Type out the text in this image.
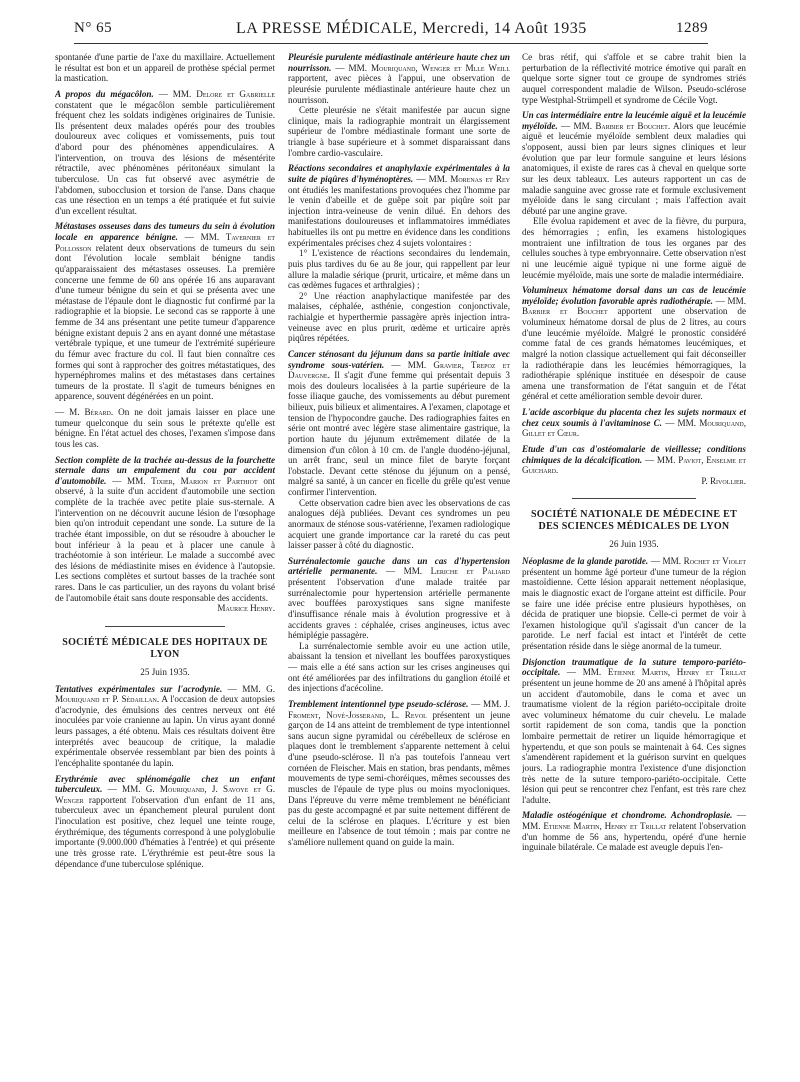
N° 65	LA PRESSE MÉDICALE, Mercredi, 14 Août 1935	1289

spontanée d'une partie de l'axe du maxillaire. Actuellement le résultat est bon et un appareil de prothèse spécial permet la mastication.

A propos du mégacôlon. — MM. Delore et Gabrielle constatent que le mégacôlon semble particulièrement fréquent chez les soldats indigènes originaires de Tunisie. Ils présentent deux malades opérés pour des troubles douloureux avec coliques et vomissements, puis tout d'abord pour des phénomènes appendiculaires. A l'intervention, on trouva des lésions de mésentérite rétractile, avec phénomènes péritonéaux simulant la tuberculose. Un cas fut observé avec asymétrie de l'abdomen, subocclusion et torsion de l'anse. Dans chaque cas une résection en un temps a été pratiquée et fut suivie d'un excellent résultat.

Métastases osseuses dans des tumeurs du sein à évolution locale en apparence bénigne. — MM. Tavernier et Pollosson relatent deux observations de tumeurs du sein dont l'évolution locale semblait bénigne tandis qu'apparaissaient des métastases osseuses. La première concerne une femme de 60 ans opérée 16 ans auparavant d'une tumeur bénigne du sein et qui se présenta avec une métastase de l'épaule dont le diagnostic fut confirmé par la radiographie et la biopsie. Le second cas se rapporte à une femme de 34 ans présentant une petite tumeur d'apparence bénigne existant depuis 2 ans en ayant donné une métastase vertébrale typique, et une tumeur de l'extrémité supérieure du fémur avec fracture du col. Il faut bien connaître ces formes qui sont à rapprocher des goitres métastatiques, des hypernéphromes malins et des métastases dans certaines tumeurs de la prostate. Il s'agit de tumeurs bénignes en apparence, souvent dégénérées en un point.

— M. Bérard. On ne doit jamais laisser en place une tumeur quelconque du sein sous le prétexte qu'elle est bénigne. En l'état actuel des choses, l'examen s'impose dans tous les cas.

Section complète de la trachée au-dessus de la fourchette sternale dans un empalement du cou par accident d'automobile. — MM. Tixier, Marion et Parthiot ont observé, à la suite d'un accident d'automobile une section complète de la trachée avec petite plaie sus-sternale. A l'intervention on ne découvrit aucune lésion de l'œsophage bien qu'on introduit cependant une sonde. La suture de la trachée étant impossible, on dut se résoudre à aboucher le bout inférieur à la peau et à placer une canule à trachéotomie à son intérieur. Le malade a succombé avec des lésions de médiastinite mises en évidence à l'autopsie. Les sections complètes et surtout basses de la trachée sont rares. Dans le cas particulier, un des rayons du volant brisé de l'automobile était sans doute responsable des accidents.

Maurice Henry.

SOCIÉTÉ MÉDICALE DES HOPITAUX DE LYON
25 Juin 1935.

Tentatives expérimentales sur l'acrodynie. — MM. G. Mouriquand et P. Sédaillan. A l'occasion de deux autopsies d'acrodynie, des émulsions des centres nerveux ont été inoculées par voie cranienne au lapin. Un virus ayant donné leurs passages, a été obtenu. Mais ces résultats doivent être interprétés avec beaucoup de critique, la maladie expérimentale observée ressemblant par bien des points à l'encéphalite spontanée du lapin.

Erythrémie avec splénomégalie chez un enfant tuberculeux. — MM. G. Mouriquand, J. Savoye et G. Wenger rapportent l'observation d'un enfant de 11 ans, tuberculeux avec un épanchement pleural purulent dont l'inoculation est positive, chez lequel une teinte rouge, érythrémique, des téguments correspond à une polyglobulie importante (9.000.000 d'hématies à l'entrée) et qui présente une très grosse rate. L'érythrémie est peut-être sous la dépendance d'une tuberculose splénique.

Pleurésie purulente médiastinale antérieure haute chez un nourrisson. — MM. Mouriquand, Wenger et Mlle Weill rapportent, avec pièces à l'appui, une observation de pleurésie purulente médiastinale antérieure haute chez un nourrisson.

Cette pleurésie ne s'était manifestée par aucun signe clinique, mais la radiographie montrait un élargissement supérieur de l'ombre médiastinale formant une sorte de triangle à base supérieure et à sommet disparaissant dans l'ombre cardio-vasculaire.

Réactions secondaires et anaphylaxie expérimentales à la suite de piqûres d'hyménoptères. — MM. Morenas et Rey ont étudiés les manifestations provoquées chez l'homme par le venin d'abeille et de guêpe soit par piqûre soit par injection intra-veineuse de venin dilué. En dehors des manifestations douloureuses et inflammatoires immédiates habituelles ils ont pu mettre en évidence dans les conditions expérimentales précises chez 4 sujets volontaires :

1° L'existence de réactions secondaires du lendemain, puis plus tardives du 6e au 8e jour, qui rappellent par leur allure la maladie sérique (prurit, urticaire, et même dans un cas œdèmes fugaces et arthralgies) ;

2° Une réaction anaphylactique manifestée par des malaises, céphalée, asthénie, congestion conjonctivale, rachialgie et hyperthermie passagère après injection intra-veineuse avec en plus prurit, œdème et urticaire après piqûres répétées.

Cancer sténosant du jéjunum dans sa partie initiale avec syndrome sous-vatérien. — MM. Gravier, Trepoz et Dauvergne. Il s'agit d'une femme qui présentait depuis 3 mois des douleurs localisées à la partie supérieure de la fosse iliaque gauche, des vomissements au début purement bilieux, puis bilieux et alimentaires. A l'examen, clapotage et tension de l'hypocondre gauche. Des radiographies faites en série ont montré avec légère stase alimentaire gastrique, la portion haute du jéjunum extrêmement dilatée de la dimension d'un côlon à 10 cm. de l'angle duodéno-jéjunal, un arrêt franc, seul un mince filet de baryte forçant l'obstacle. Devant cette sténose du jéjunum on a pensé, malgré sa santé, à un cancer en ficelle du grêle qu'est venue confirmer l'intervention.

Cette observation cadre bien avec les observations de cas analogues déjà publiées. Devant ces syndromes un peu anormaux de sténose sous-vatérienne, l'examen radiologique acquiert une grande importance car la rareté du cas peut laisser passer à côté du diagnostic.

Surrénalectomie gauche dans un cas d'hypertension artérielle permanente. — MM. Leriche et Paliard présentent l'observation d'une malade traitée par surrénalectomie pour hypertension artérielle permanente avec bouffées paroxystiques sans signe manifeste d'insuffisance rénale mais à évolution progressive et à accidents graves : céphalée, crises angineuses, ictus avec hémiplégie passagère.

La surrénalectomie semble avoir eu une action utile, abaissant la tension et nivellant les bouffées paroxystiques — mais elle a été sans action sur les crises angineuses qui ont été améliorées par des infiltrations du ganglion étoilé et des injections d'acécoline.

Tremblement intentionnel type pseudo-sclérose. — MM. J. Froment, Nové-Josserand, L. Revol présentent un jeune garçon de 14 ans atteint de tremblement de type intentionnel sans aucun signe pyramidal ou cérébelleux de sclérose en plaques dont le tremblement s'apparente nettement à celui d'une pseudo-sclérose. Il n'a pas toutefois l'anneau vert cornéen de Fleischer. Mais en station, bras pendants, mêmes mouvements de type semi-choréiques, mêmes secousses des muscles de l'épaule de type plus ou moins myocloniques. Dans l'épreuve du verre même tremblement ne bénéficiant pas du geste accompagné et par suite nettement différent de celui de la sclérose en plaques. L'écriture y est bien meilleure en l'absence de tout témoin ; mais par contre ne s'améliore nullement quand on guide la main.

Ce bras rétif, qui s'affole et se cabre trahit bien la perturbation de la réflectivité motrice émotive qui paraît en quelque sorte signer tout ce groupe de syndromes striés auquel correspondent maladie de Wilson. Pseudo-sclérose type Westphal-Strümpell et syndrome de Cécile Vogt.

Un cas intermédiaire entre la leucémie aiguë et la leucémie myéloïde. — MM. Barbier et Bouchet. Alors que leucémie aiguë et leucémie myéloïde semblent deux maladies qui s'opposent, aussi bien par leurs signes cliniques et leur évolution que par leur formule sanguine et leurs lésions anatomiques, il existe de rares cas à cheval en quelque sorte sur les deux tableaux. Les auteurs rapportent un cas de maladie sanguine avec grosse rate et formule exclusivement myéloïde dans le sang circulant ; mais l'affection avait débuté par une angine grave.

Elle évolua rapidement et avec de la fièvre, du purpura, des hémorragies ; enfin, les examens histologiques montraient une infiltration de tous les organes par des cellules souches à type embryonnaire. Cette observation n'est ni une leucémie aiguë typique ni une forme aiguë de leucémie myéloïde, mais une sorte de maladie intermédiaire.

Volumineux hématome dorsal dans un cas de leucémie myéloïde; évolution favorable après radiothérapie. — MM. Barbier et Bouchet apportent une observation de volumineux hématome dorsal de plus de 2 litres, au cours d'une leucémie myéloïde. Malgré le pronostic considéré comme fatal de ces grands hématomes leucémiques, et malgré la notion classique actuellement qui fait déconseiller la radiothérapie dans les leucémies hémorragiques, la radiothérapie splénique instituée en désespoir de cause amena une transformation de l'état sanguin et de l'état général et cette amélioration semble devoir durer.

L'acide ascorbique du placenta chez les sujets normaux et chez ceux soumis à l'avitaminose C. — MM. Mouriquand, Gillet et Cœur.

Etude d'un cas d'ostéomalarie de vieillesse; conditions chimiques de la décalcification. — MM. Paviot, Enselme et Guichard.

P. Rivollier.

SOCIÉTÉ NATIONALE DE MÉDECINE ET DES SCIENCES MÉDICALES DE LYON
26 Juin 1935.

Néoplasme de la glande parotide. — MM. Rochet et Violet présentent un homme âgé porteur d'une tumeur de la région mastoïdienne. Cette lésion apparait nettement néoplasique, mais le diagnostic exact de l'organe atteint est difficile. Pour se faire une idée précise entre plusieurs hypothèses, on décida de pratiquer une biopsie. Celle-ci permet de voir à l'examen histologique qu'il s'agissait d'un cancer de la parotide. Le nerf facial est intact et l'intérêt de cette présentation réside dans le siège anormal de la tumeur.

Disjonction traumatique de la suture temporo-pariéto-occipitale. — MM. Etienne Martin, Henry et Trillat présentent un jeune homme de 20 ans amené à l'hôpital après un accident d'automobile, dans le coma et avec un traumatisme violent de la région pariéto-occipitale droite avec volumineux hématome du cuir chevelu. Le malade sortit rapidement de son coma, tandis que la ponction lombaire permettait de retirer un liquide hémorragique et hypertendu, et que son pouls se maintenait à 64. Ces signes s'amendèrent rapidement et la guérison survint en quelques jours. La radiographie montra l'existence d'une disjonction très nette de la suture temporo-pariéto-occipitale. Cette lésion qui peut se rencontrer chez l'enfant, est très rare chez l'adulte.

Maladie ostéogénique et chondrome. Achondroplasie. — MM. Etienne Martin, Henry et Trillat relatent l'observation d'un homme de 56 ans, hypertendu, opéré d'une hernie inguinale bilatérale. Ce malade est aveugle depuis l'en-
